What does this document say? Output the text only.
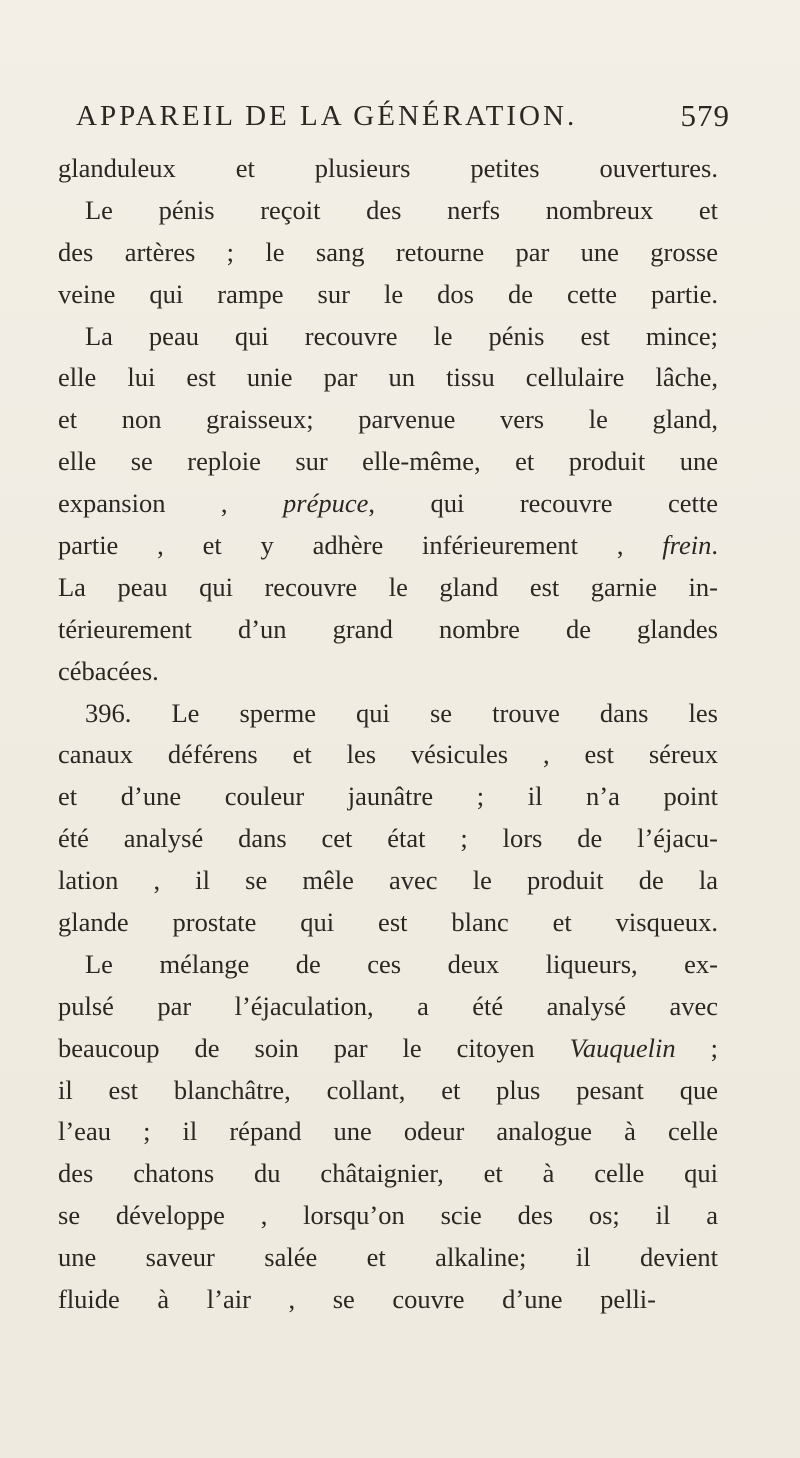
APPAREIL DE LA GÉNÉRATION.	579
glanduleux et plusieurs petites ouvertures.
Le pénis reçoit des nerfs nombreux et
des artères ; le sang retourne par une grosse
veine qui rampe sur le dos de cette partie.
La peau qui recouvre le pénis est mince;
elle lui est unie par un tissu cellulaire lâche,
et non graisseux; parvenue vers le gland,
elle se reploie sur elle-même, et produit une
expansion , prépuce, qui recouvre cette
partie , et y adhère inférieurement , frein.
La peau qui recouvre le gland est garnie in-
térieurement d’un grand nombre de glandes
cébacées.
396. Le sperme qui se trouve dans les
canaux déférens et les vésicules , est séreux
et d’une couleur jaunâtre ; il n’a point
été analysé dans cet état ; lors de l’éjacu-
lation , il se mêle avec le produit de la
glande prostate qui est blanc et visqueux.
Le mélange de ces deux liqueurs, ex-
pulsé par l’éjaculation, a été analysé avec
beaucoup de soin par le citoyen Vauquelin ;
il est blanchâtre, collant, et plus pesant que
l’eau ; il répand une odeur analogue à celle
des chatons du châtaignier, et à celle qui
se développe , lorsqu’on scie des os; il a
une saveur salée et alkaline; il devient
fluide à l’air , se couvre d’une pelli-
